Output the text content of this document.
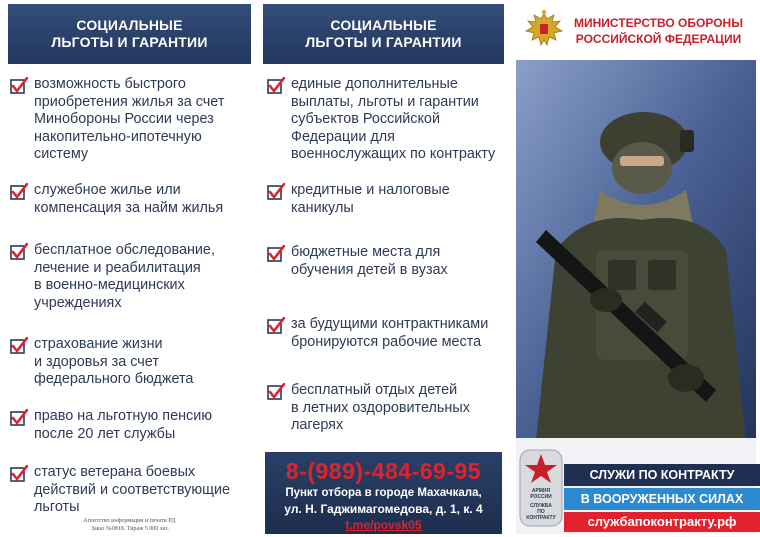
СОЦИАЛЬНЫЕ
ЛЬГОТЫ И ГАРАНТИИ
возможность быстрого
приобретения жилья за счет
Минобороны России через
накопительно-ипотечную
систему
служебное жилье или
компенсация за найм жилья
бесплатное обследование,
лечение и реабилитация
в военно-медицинских
учреждениях
страхование жизни
и здоровья за счет
федерального бюджета
право на льготную пенсию
после 20 лет службы
статус ветерана боевых
действий и соответствующие
льготы
Агентство информации и печати РД.
Заказ №0818. Тираж 5 000 экз.
СОЦИАЛЬНЫЕ
ЛЬГОТЫ И ГАРАНТИИ
единые дополнительные
выплаты, льготы и гарантии
субъектов Российской
Федерации для
военнослужащих по контракту
кредитные и налоговые
каникулы
бюджетные места для
обучения детей в вузах
за будущими контрактниками
бронируются рабочие места
бесплатный отдых детей
в летних оздоровительных
лагерях
8-(989)-484-69-95
Пункт отбора в городе Махачкала,
ул. Н. Гаджимагомедова, д. 1, к. 4
t.me/povsk05
МИНИСТЕРСТВО ОБОРОНЫ
РОССИЙСКОЙ ФЕДЕРАЦИИ
АРМИЯ
РОССИИ
СЛУЖБА
ПО КОНТРАКТУ
СЛУЖИ ПО КОНТРАКТУ
В ВООРУЖЕННЫХ СИЛАХ
службапоконтракту.рф
